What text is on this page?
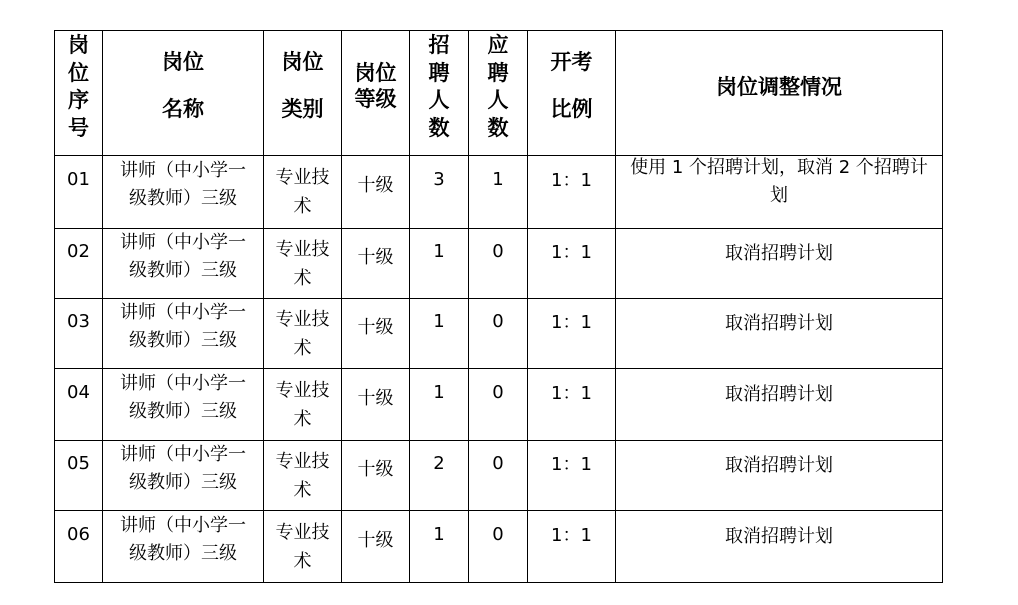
岗位序号	岗位名称	岗位类别	岗位等级	招聘人数	应聘人数	开考比例	岗位调整情况

01	讲师（中小学一级教师）三级	专业技术	十级	3	1	1：1	使用 1 个招聘计划，取消 2 个招聘计划

02	讲师（中小学一级教师）三级	专业技术	十级	1	0	1：1	取消招聘计划

03	讲师（中小学一级教师）三级	专业技术	十级	1	0	1：1	取消招聘计划

04	讲师（中小学一级教师）三级	专业技术	十级	1	0	1：1	取消招聘计划

05	讲师（中小学一级教师）三级	专业技术	十级	2	0	1：1	取消招聘计划

06	讲师（中小学一级教师）三级	专业技术	十级	1	0	1：1	取消招聘计划
